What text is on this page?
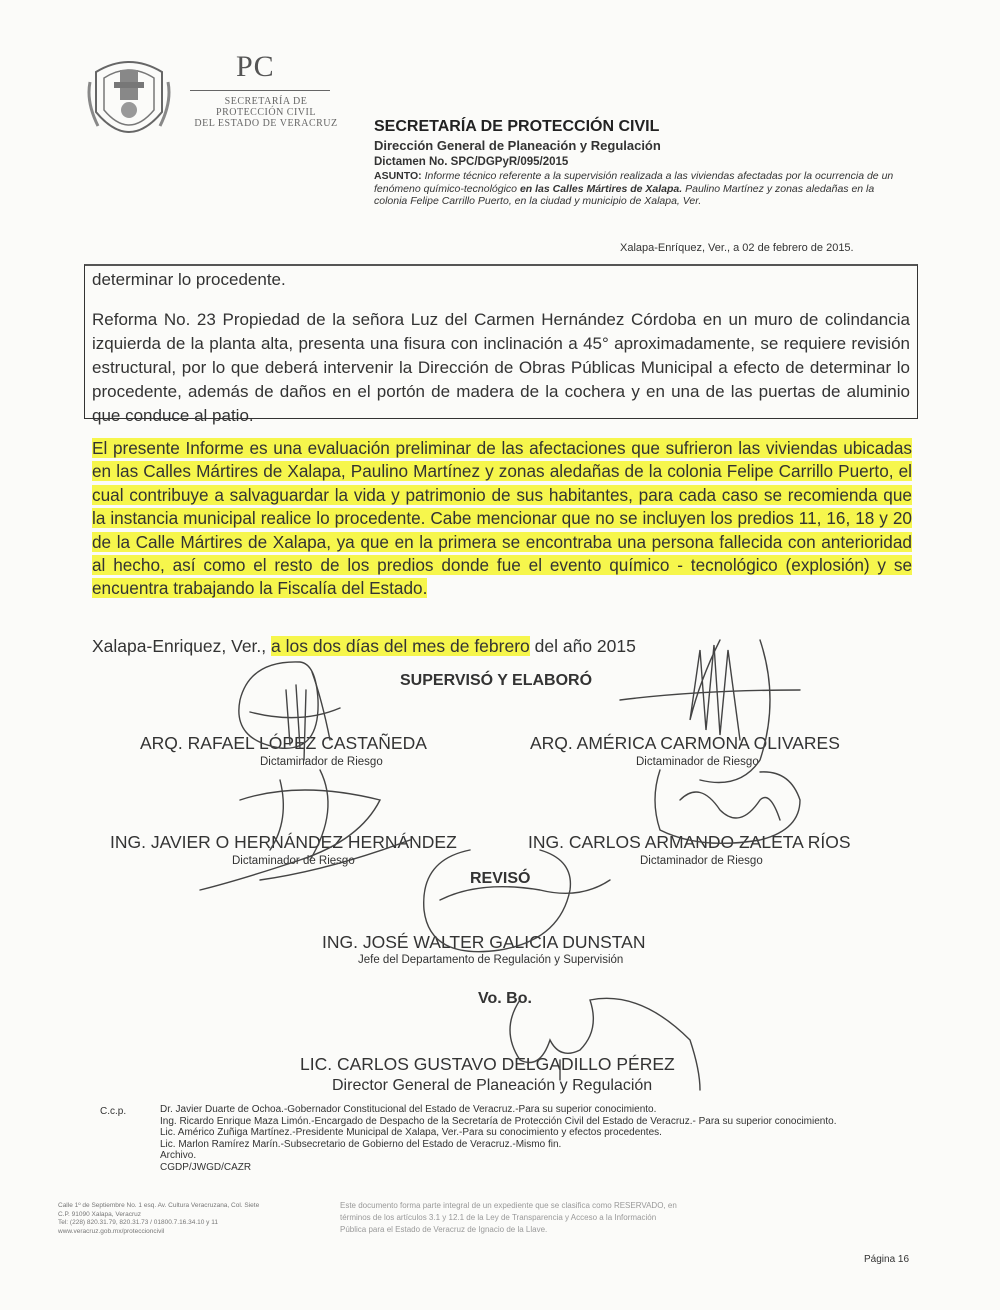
PC
SECRETARÍA DE
PROTECCIÓN CIVIL
DEL ESTADO DE VERACRUZ	SECRETARÍA DE PROTECCIÓN CIVIL
Dirección General de Planeación y Regulación
Dictamen No. SPC/DGPyR/095/2015
ASUNTO: Informe técnico referente a la supervisión realizada a las viviendas afectadas por la ocurrencia de un fenómeno químico-tecnológico en las Calles Mártires de Xalapa. Paulino Martínez y zonas aledañas en la colonia Felipe Carrillo Puerto, en la ciudad y municipio de Xalapa, Ver.
Xalapa-Enríquez, Ver., a 02 de febrero de 2015.
determinar lo procedente.
Reforma No. 23 Propiedad de la señora Luz del Carmen Hernández Córdoba en un muro de colindancia izquierda de la planta alta, presenta una fisura con inclinación a 45° aproximadamente, se requiere revisión estructural, por lo que deberá intervenir la Dirección de Obras Públicas Municipal a efecto de determinar lo procedente, además de daños en el portón de madera de la cochera y en una de las puertas de aluminio que conduce al patio.
El presente Informe es una evaluación preliminar de las afectaciones que sufrieron las viviendas ubicadas en las Calles Mártires de Xalapa, Paulino Martínez y zonas aledañas de la colonia Felipe Carrillo Puerto, el cual contribuye a salvaguardar la vida y patrimonio de sus habitantes, para cada caso se recomienda que la instancia municipal realice lo procedente. Cabe mencionar que no se incluyen los predios 11, 16, 18 y 20 de la Calle Mártires de Xalapa, ya que en la primera se encontraba una persona fallecida con anterioridad al hecho, así como el resto de los predios donde fue el evento químico - tecnológico (explosión) y se encuentra trabajando la Fiscalía del Estado.
Xalapa-Enriquez, Ver., a los dos días del mes de febrero del año 2015
SUPERVISÓ Y ELABORÓ
ARQ. RAFAEL LÓPEZ CASTAÑEDA
Dictaminador de Riesgo
ARQ. AMÉRICA CARMONA OLIVARES
Dictaminador de Riesgo
ING. JAVIER O HERNÁNDEZ HERNÁNDEZ
Dictaminador de Riesgo
ING. CARLOS ARMANDO ZALETA RÍOS
Dictaminador de Riesgo
REVISÓ
ING. JOSÉ WALTER GALICIA DUNSTAN
Jefe del Departamento de Regulación y Supervisión
Vo. Bo.
LIC. CARLOS GUSTAVO DELGADILLO PÉREZ
Director General de Planeación y Regulación
C.c.p.	Dr. Javier Duarte de Ochoa.-Gobernador Constitucional del Estado de Veracruz.-Para su superior conocimiento.
Ing. Ricardo Enrique Maza Limón.-Encargado de Despacho de la Secretaría de Protección Civil del Estado de Veracruz.- Para su superior conocimiento.
Lic. Américo Zuñiga Martínez.-Presidente Municipal de Xalapa, Ver.-Para su conocimiento y efectos procedentes.
Lic. Marlon Ramírez Marín.-Subsecretario de Gobierno del Estado de Veracruz.-Mismo fin.
Archivo.
CGDP/JWGD/CAZR
Calle 1º de Septiembre No. 1 esq. Av. Cultura Veracruzana, Col. Siete
C.P. 91090 Xalapa, Veracruz
Tel: (228) 820.31.79, 820.31.73 / 01800.7.16.34.10 y 11
www.veracruz.gob.mx/proteccioncivil
Este documento forma parte integral de un expediente que se clasifica como RESERVADO, en
términos de los artículos 3.1 y 12.1 de la Ley de Transparencia y Acceso a la Información
Pública para el Estado de Veracruz de Ignacio de la Llave.
Página 16
